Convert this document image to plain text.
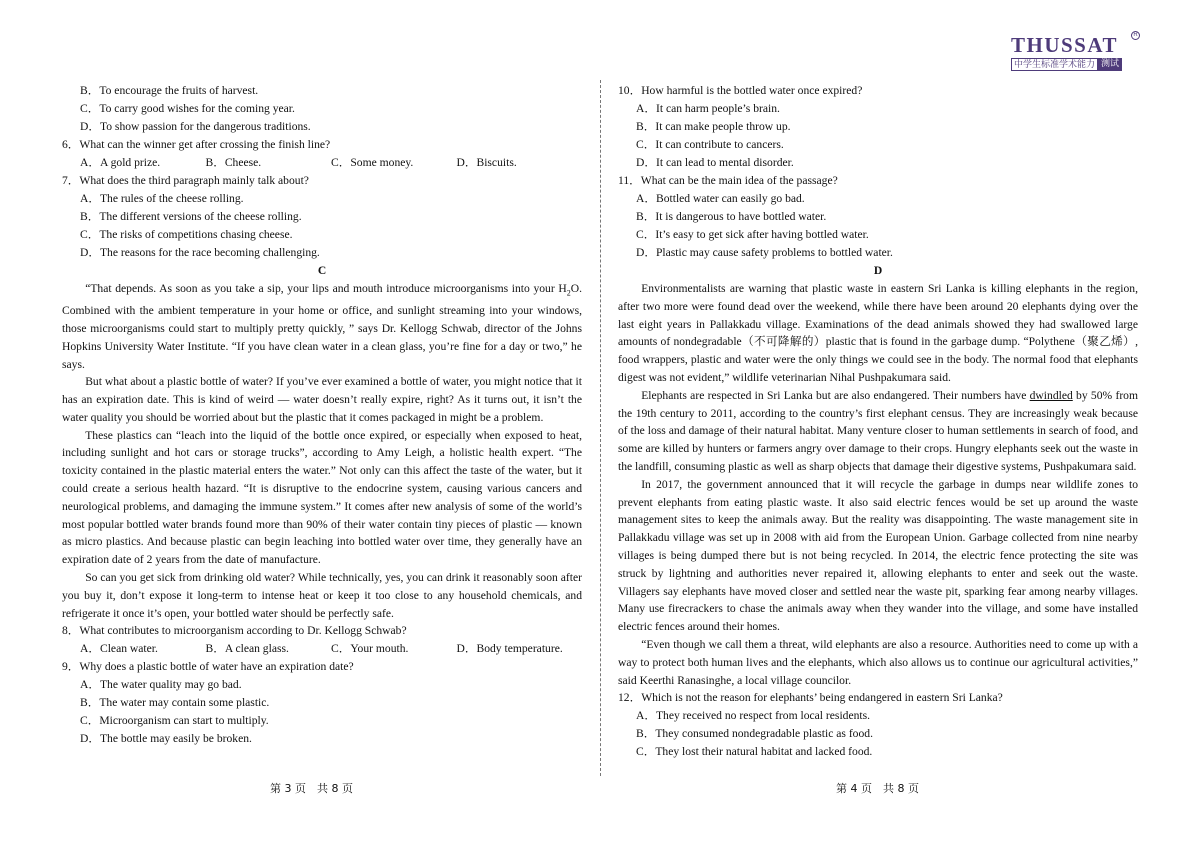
THUSSAT	R
中学生标准学术能力 测试

B．To encourage the fruits of harvest.

C．To carry good wishes for the coming year.

D．To show passion for the dangerous traditions.

6．What can the winner get after crossing the finish line?

A．A gold prize.	B．Cheese.	C．Some money.	D．Biscuits.

7．What does the third paragraph mainly talk about?

A．The rules of the cheese rolling.

B．The different versions of the cheese rolling.

C．The risks of competitions chasing cheese.

D．The reasons for the race becoming challenging.

C

“That depends. As soon as you take a sip, your lips and mouth introduce microorganisms into your $H_2O$. Combined with the ambient temperature in your home or office, and sunlight streaming into your windows, those microorganisms could start to multiply pretty quickly, ” says Dr. Kellogg Schwab, director of the Johns Hopkins University Water Institute. “If you have clean water in a clean glass, you’re fine for a day or two,” he says.

But what about a plastic bottle of water? If you’ve ever examined a bottle of water, you might notice that it has an expiration date. This is kind of weird — water doesn’t really expire, right? As it turns out, it isn’t the water quality you should be worried about but the plastic that it comes packaged in might be a problem.

These plastics can “leach into the liquid of the bottle once expired, or especially when exposed to heat, including sunlight and hot cars or storage trucks”, according to Amy Leigh, a holistic health expert. “The toxicity contained in the plastic material enters the water.” Not only can this affect the taste of the water, but it could create a serious health hazard. “It is disruptive to the endocrine system, causing various cancers and neurological problems, and damaging the immune system.” It comes after new analysis of some of the world’s most popular bottled water brands found more than 90% of their water contain tiny pieces of plastic — known as micro plastics. And because plastic can begin leaching into bottled water over time, they generally have an expiration date of 2 years from the date of manufacture.

So can you get sick from drinking old water? While technically, yes, you can drink it reasonably soon after you buy it, don’t expose it long-term to intense heat or keep it too close to any household chemicals, and refrigerate it once it’s open, your bottled water should be perfectly safe.

8．What contributes to microorganism according to Dr. Kellogg Schwab?

A．Clean water.	B．A clean glass.	C．Your mouth.	D．Body temperature.

9．Why does a plastic bottle of water have an expiration date?

A．The water quality may go bad.

B．The water may contain some plastic.

C．Microorganism can start to multiply.

D．The bottle may easily be broken.

10．How harmful is the bottled water once expired?

A．It can harm people’s brain.

B．It can make people throw up.

C．It can contribute to cancers.

D．It can lead to mental disorder.

11．What can be the main idea of the passage?

A．Bottled water can easily go bad.

B．It is dangerous to have bottled water.

C．It’s easy to get sick after having bottled water.

D．Plastic may cause safety problems to bottled water.

D

Environmentalists are warning that plastic waste in eastern Sri Lanka is killing elephants in the region, after two more were found dead over the weekend, while there have been around 20 elephants dying over the last eight years in Pallakkadu village. Examinations of the dead animals showed they had swallowed large amounts of nondegradable（不可降解的）plastic that is found in the garbage dump. “Polythene（聚乙烯）, food wrappers, plastic and water were the only things we could see in the body. The normal food that elephants digest was not evident,” wildlife veterinarian Nihal Pushpakumara said.

Elephants are respected in Sri Lanka but are also endangered. Their numbers have dwindled by 50% from the 19th century to 2011, according to the country’s first elephant census. They are increasingly weak because of the loss and damage of their natural habitat. Many venture closer to human settlements in search of food, and some are killed by hunters or farmers angry over damage to their crops. Hungry elephants seek out the waste in the landfill, consuming plastic as well as sharp objects that damage their digestive systems, Pushpakumara said.

In 2017, the government announced that it will recycle the garbage in dumps near wildlife zones to prevent elephants from eating plastic waste. It also said electric fences would be set up around the waste management sites to keep the animals away. But the reality was disappointing. The waste management site in Pallakkadu village was set up in 2008 with aid from the European Union. Garbage collected from nine nearby villages is being dumped there but is not being recycled. In 2014, the electric fence protecting the site was struck by lightning and authorities never repaired it, allowing elephants to enter and seek out the waste. Villagers say elephants have moved closer and settled near the waste pit, sparking fear among nearby villages. Many use firecrackers to chase the animals away when they wander into the village, and some have installed electric fences around their homes.

“Even though we call them a threat, wild elephants are also a resource. Authorities need to come up with a way to protect both human lives and the elephants, which also allows us to continue our agricultural activities,” said Keerthi Ranasinghe, a local village councilor.

12．Which is not the reason for elephants’ being endangered in eastern Sri Lanka?

A．They received no respect from local residents.

B．They consumed nondegradable plastic as food.

C．They lost their natural habitat and lacked food.

第 3 页　共 8 页	第 4 页　共 8 页
